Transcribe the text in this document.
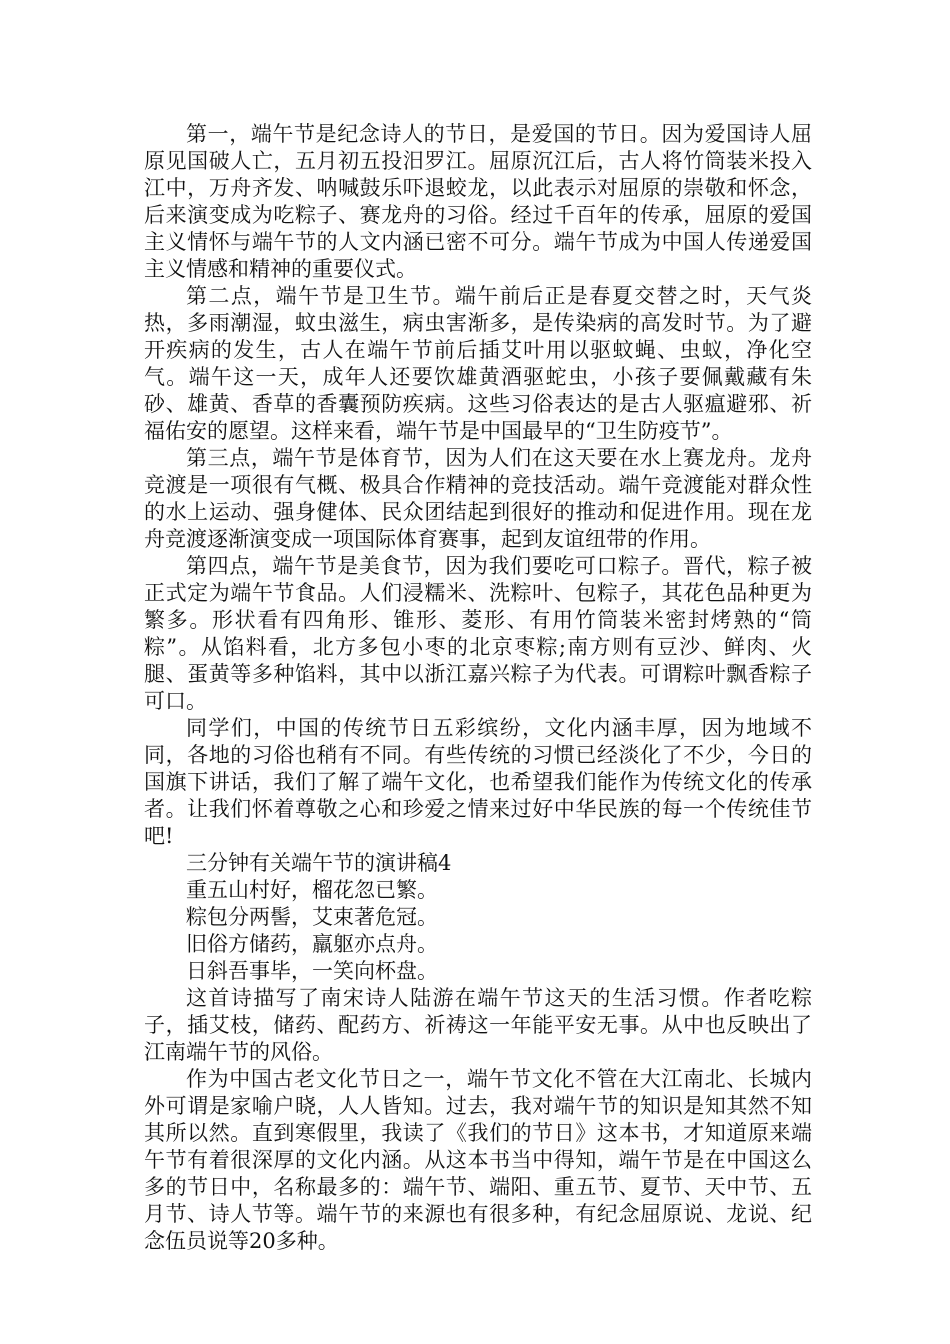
第一，端午节是纪念诗人的节日，是爱国的节日。因为爱国诗人屈原见国破人亡，五月初五投汨罗江。屈原沉江后，古人将竹筒装米投入江中，万舟齐发、呐喊鼓乐吓退蛟龙，以此表示对屈原的崇敬和怀念，后来演变成为吃粽子、赛龙舟的习俗。经过千百年的传承，屈原的爱国主义情怀与端午节的人文内涵已密不可分。端午节成为中国人传递爱国主义情感和精神的重要仪式。

第二点，端午节是卫生节。端午前后正是春夏交替之时，天气炎热，多雨潮湿，蚊虫滋生，病虫害渐多，是传染病的高发时节。为了避开疾病的发生，古人在端午节前后插艾叶用以驱蚊蝇、虫蚁，净化空气。端午这一天，成年人还要饮雄黄酒驱蛇虫，小孩子要佩戴藏有朱砂、雄黄、香草的香囊预防疾病。这些习俗表达的是古人驱瘟避邪、祈福佑安的愿望。这样来看，端午节是中国最早的“卫生防疫节”。

第三点，端午节是体育节，因为人们在这天要在水上赛龙舟。龙舟竞渡是一项很有气概、极具合作精神的竞技活动。端午竞渡能对群众性的水上运动、强身健体、民众团结起到很好的推动和促进作用。现在龙舟竞渡逐渐演变成一项国际体育赛事，起到友谊纽带的作用。

第四点，端午节是美食节，因为我们要吃可口粽子。晋代，粽子被正式定为端午节食品。人们浸糯米、洗粽叶、包粽子，其花色品种更为繁多。形状看有四角形、锥形、菱形、有用竹筒装米密封烤熟的“筒粽”。从馅料看，北方多包小枣的北京枣粽;南方则有豆沙、鲜肉、火腿、蛋黄等多种馅料，其中以浙江嘉兴粽子为代表。可谓粽叶飘香粽子可口。

同学们，中国的传统节日五彩缤纷，文化内涵丰厚，因为地域不同，各地的习俗也稍有不同。有些传统的习惯已经淡化了不少，今日的国旗下讲话，我们了解了端午文化，也希望我们能作为传统文化的传承者。让我们怀着尊敬之心和珍爱之情来过好中华民族的每一个传统佳节吧!

三分钟有关端午节的演讲稿4

重五山村好，榴花忽已繁。

粽包分两髻，艾束著危冠。

旧俗方储药，羸躯亦点舟。

日斜吾事毕，一笑向杯盘。

这首诗描写了南宋诗人陆游在端午节这天的生活习惯。作者吃粽子，插艾枝，储药、配药方、祈祷这一年能平安无事。从中也反映出了江南端午节的风俗。

作为中国古老文化节日之一，端午节文化不管在大江南北、长城内外可谓是家喻户晓，人人皆知。过去，我对端午节的知识是知其然不知其所以然。直到寒假里，我读了《我们的节日》这本书，才知道原来端午节有着很深厚的文化内涵。从这本书当中得知，端午节是在中国这么多的节日中，名称最多的：端午节、端阳、重五节、夏节、天中节、五月节、诗人节等。端午节的来源也有很多种，有纪念屈原说、龙说、纪念伍员说等20多种。
